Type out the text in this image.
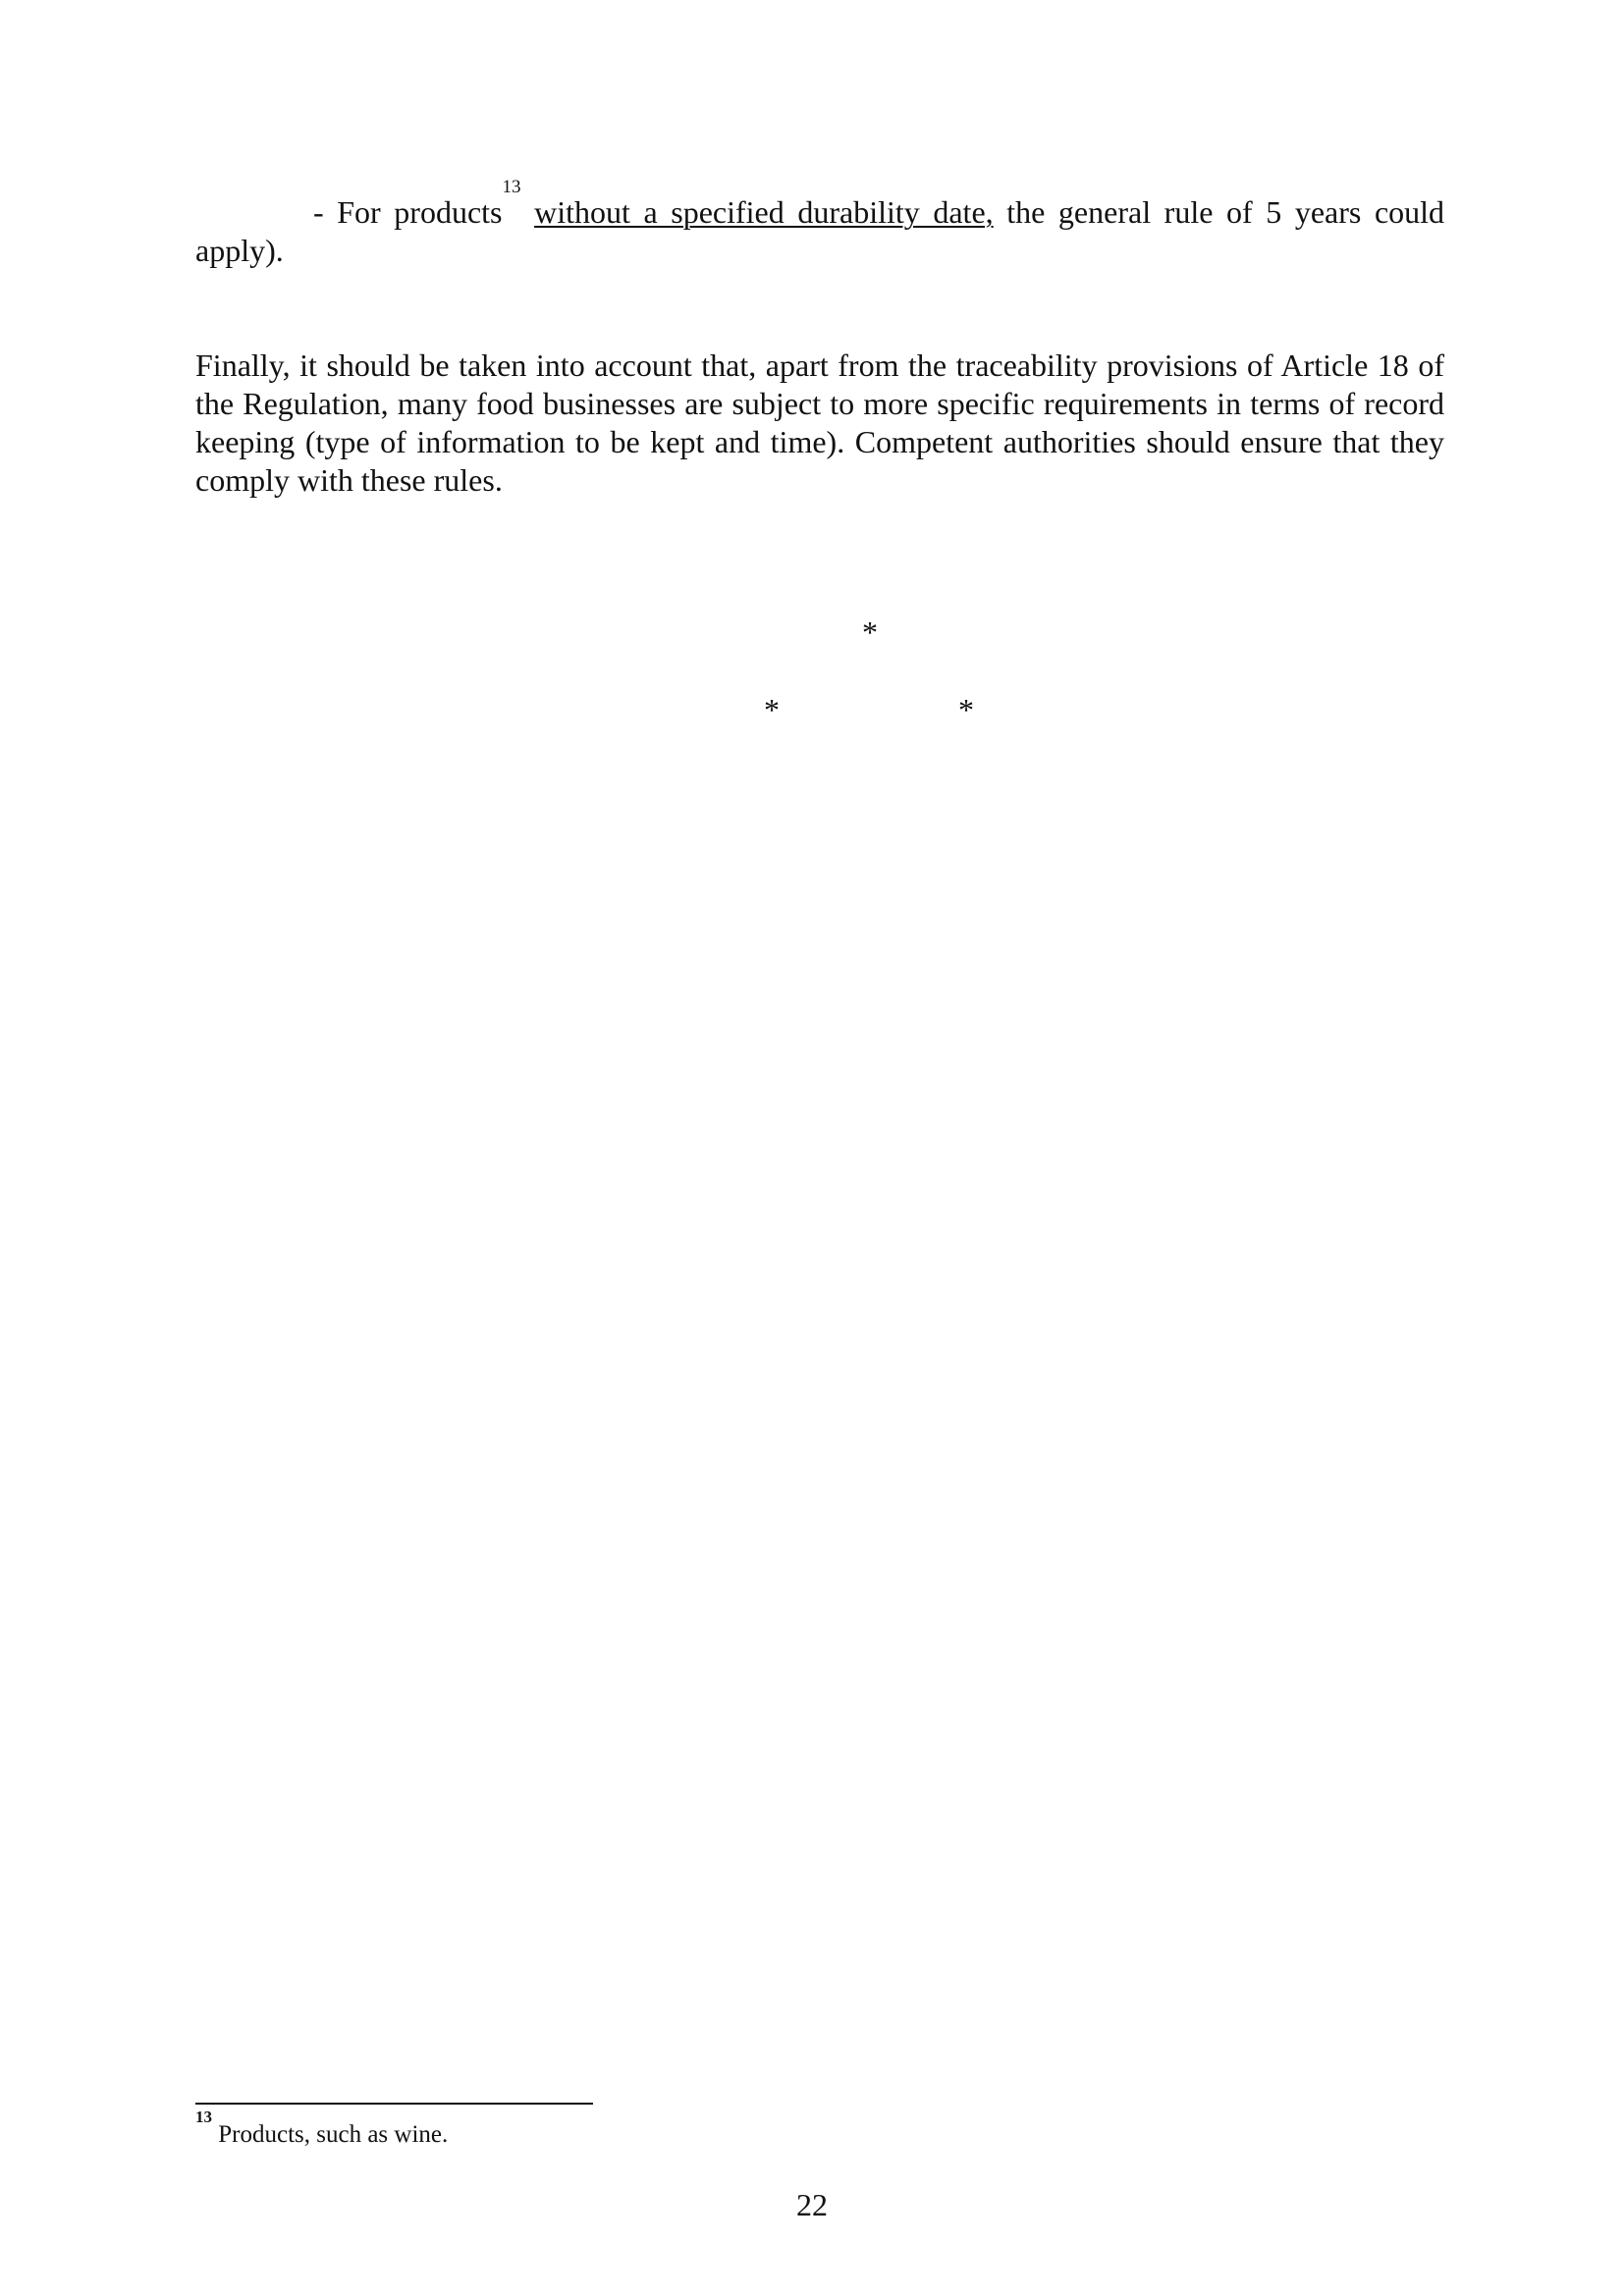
- For products$^{13}$ without a specified durability date, the general rule of 5 years could apply).

Finally, it should be taken into account that, apart from the traceability provisions of Article 18 of the Regulation, many food businesses are subject to more specific requirements in terms of record keeping (type of information to be kept and time). Competent authorities should ensure that they comply with these rules.

*
*	*
$^{13}$ Products, such as wine.
22
